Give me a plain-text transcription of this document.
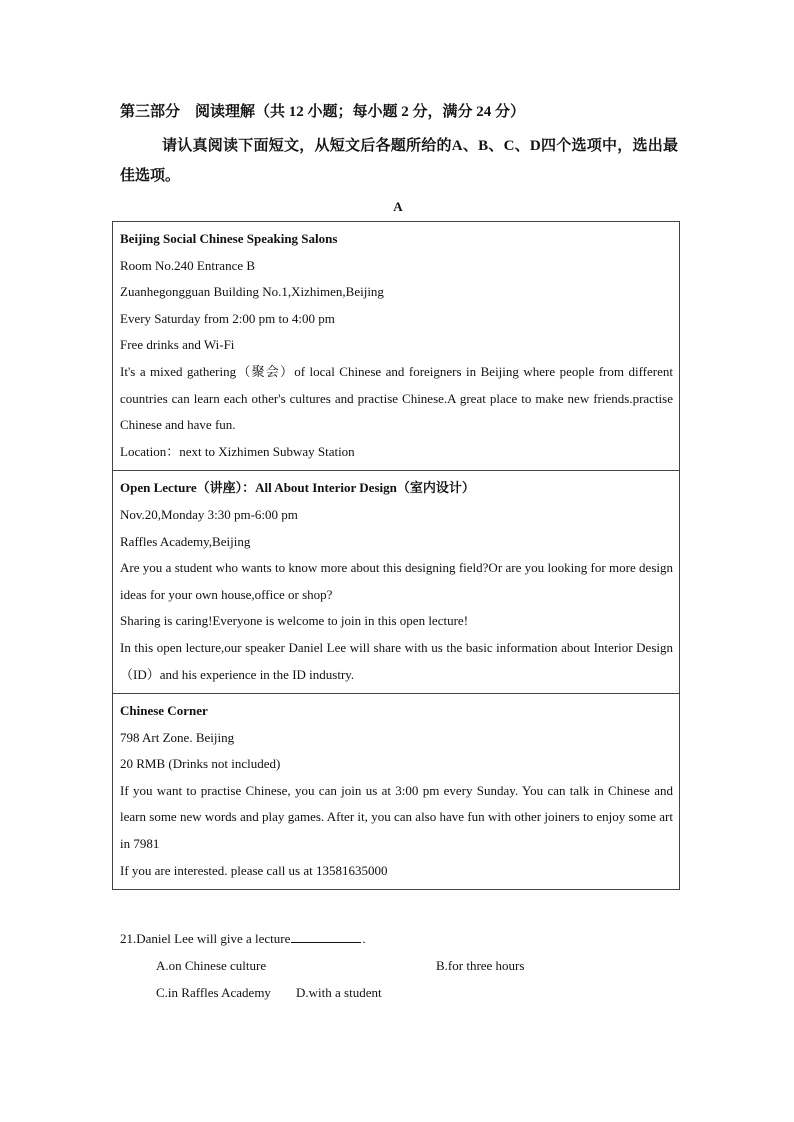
第三部分　阅读理解（共 12 小题；每小题 2 分，满分 24 分）
请认真阅读下面短文，从短文后各题所给的A、B、C、D四个选项中，选出最佳选项。
A
Beijing Social Chinese Speaking Salons
Room No.240 Entrance B
Zuanhegongguan Building No.1,Xizhimen,Beijing
Every Saturday from 2:00 pm to 4:00 pm
Free drinks and Wi-Fi
It's a mixed gathering（聚会）of local Chinese and foreigners in Beijing where people from different countries can learn each other's cultures and practise Chinese.A great place to make new friends.practise Chinese and have fun.
Location：next to Xizhimen Subway Station
Open Lecture（讲座）：All About Interior Design（室内设计）
Nov.20,Monday 3:30 pm-6:00 pm
Raffles Academy,Beijing
Are you a student who wants to know more about this designing field?Or are you looking for more design ideas for your own house,office or shop?
Sharing is caring!Everyone is welcome to join in this open lecture!
In this open lecture,our speaker Daniel Lee will share with us the basic information about Interior Design（ID）and his experience in the ID industry.
Chinese Corner
798 Art Zone. Beijing
20 RMB (Drinks not included)
If you want to practise Chinese, you can join us at 3:00 pm every Sunday. You can talk in Chinese and learn some new words and play games. After it, you can also have fun with other joiners to enjoy some art in 7981
If you are interested. please call us at 13581635000
21.Daniel Lee will give a lecture	.
A.on Chinese culture	B.for three hours
C.in Raffles Academy D.with a student
